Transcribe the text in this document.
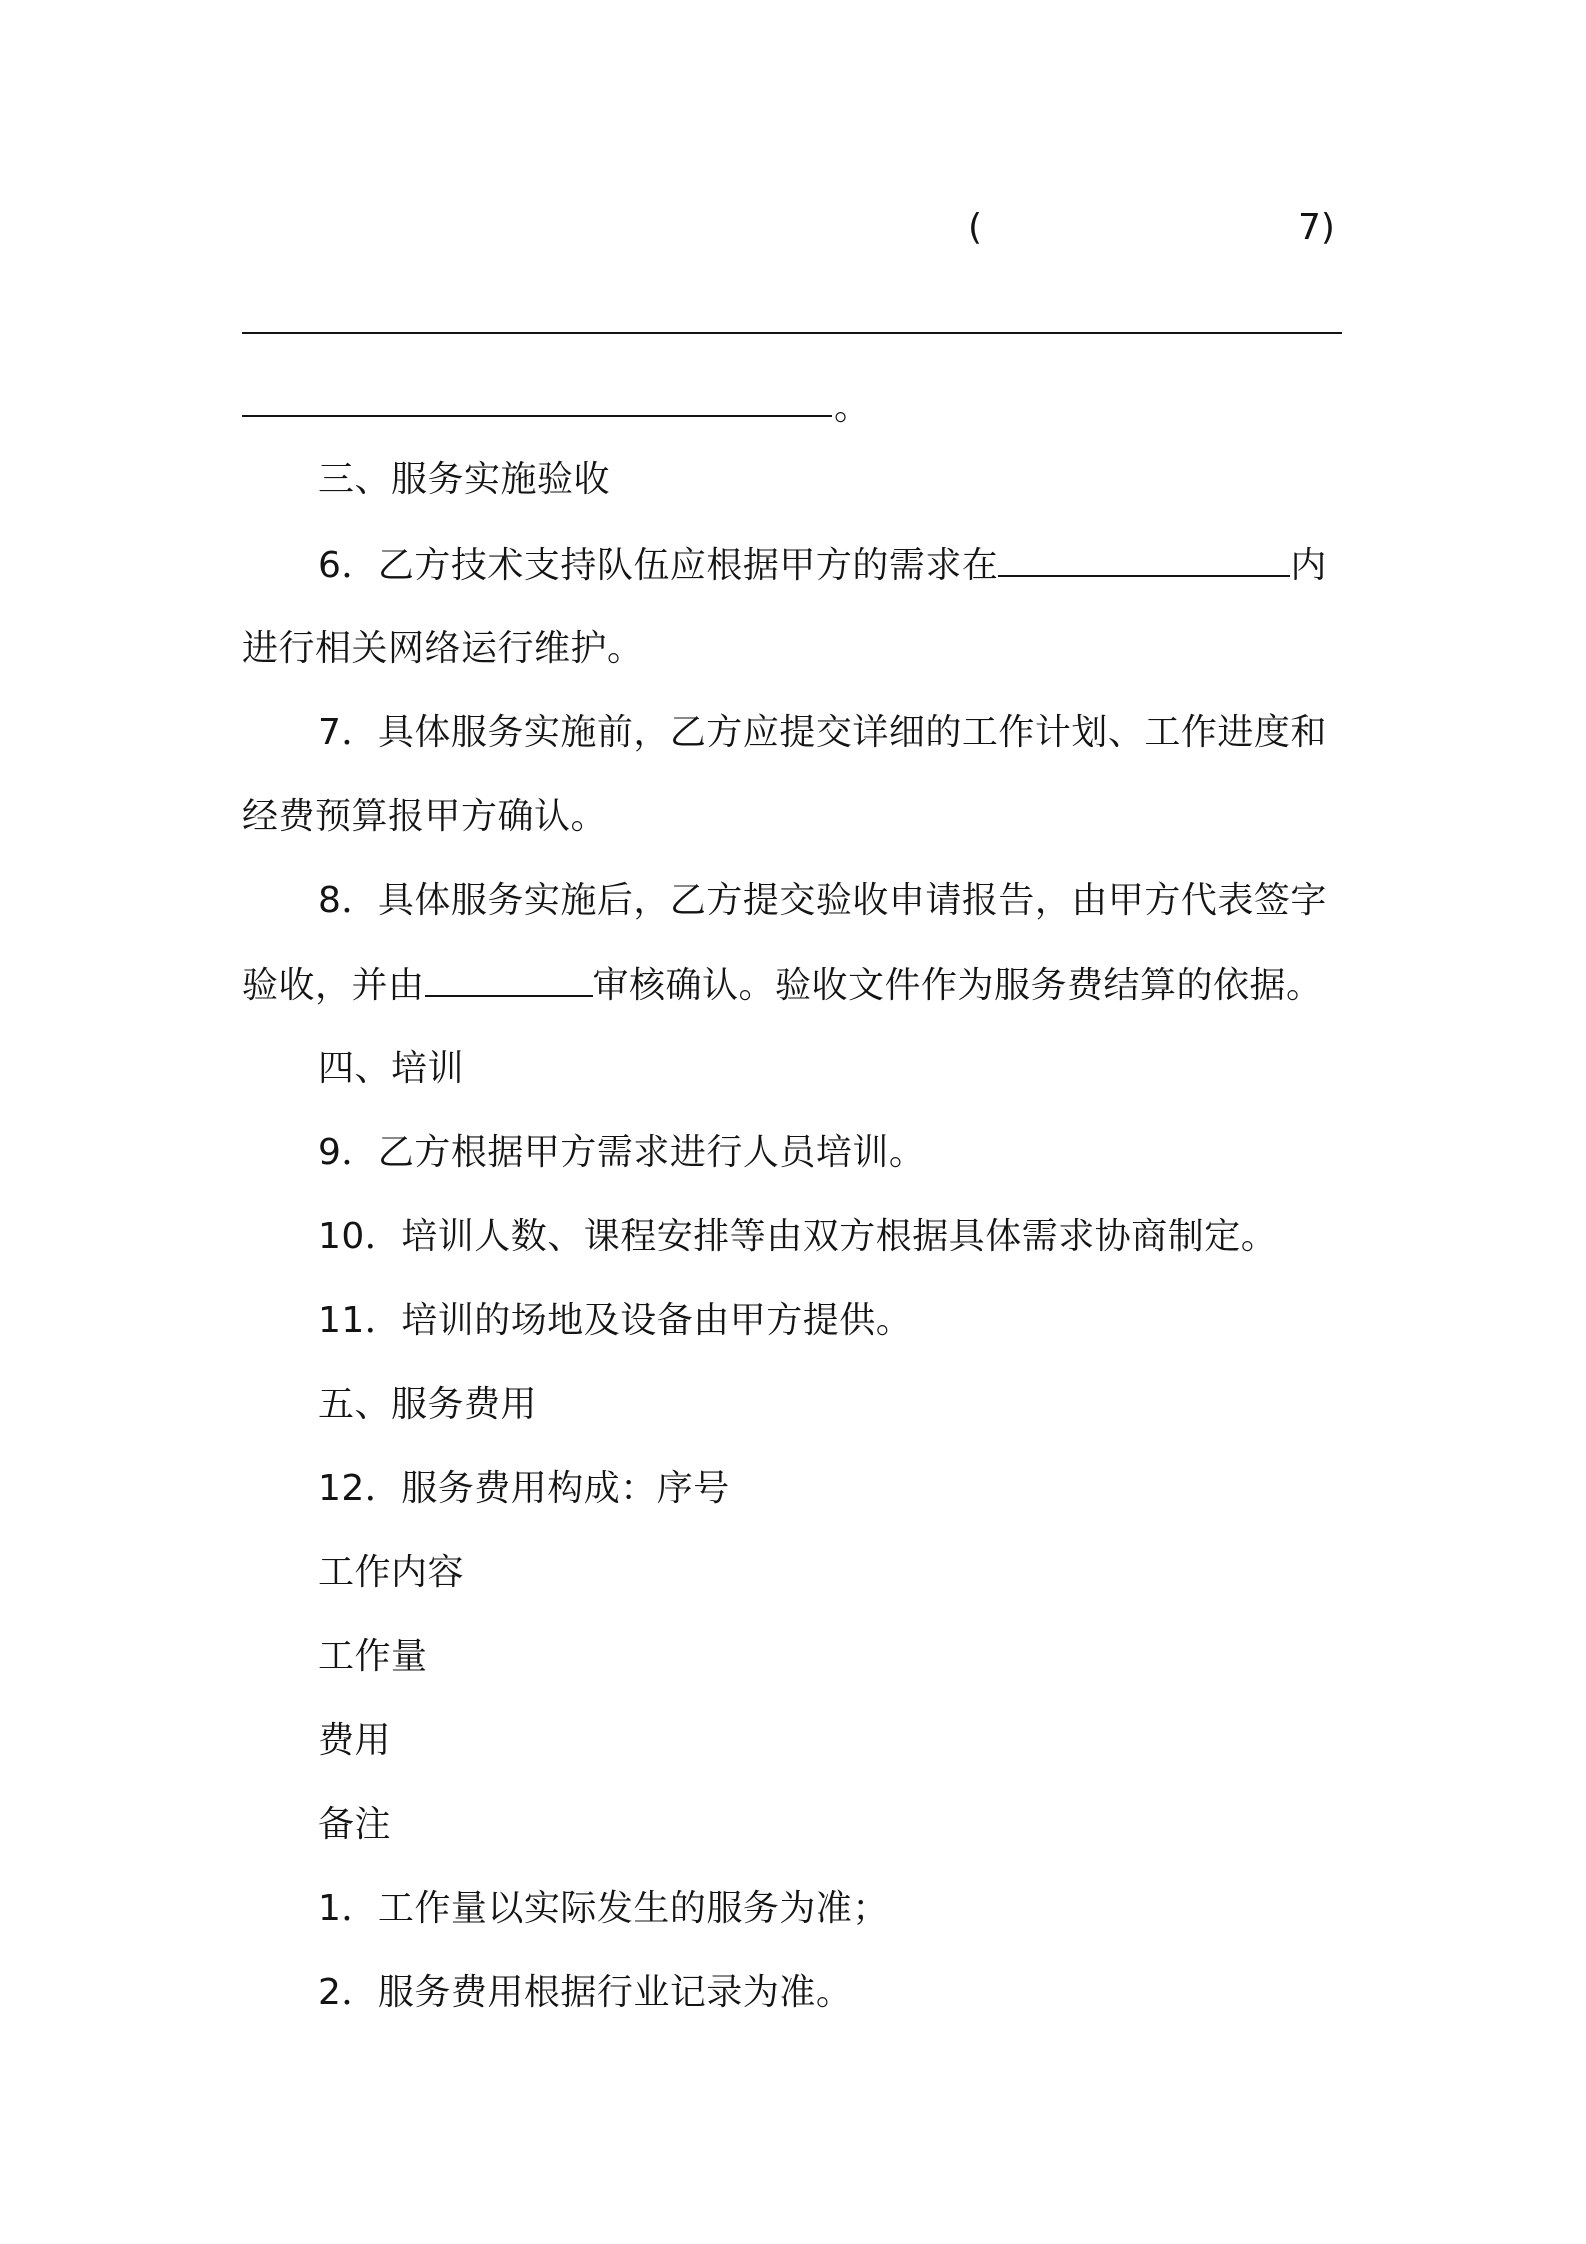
(	7)
。
三、服务实施验收
6．乙方技术支持队伍应根据甲方的需求在	内
进行相关网络运行维护。
7．具体服务实施前，乙方应提交详细的工作计划、工作进度和
经费预算报甲方确认。
8．具体服务实施后，乙方提交验收申请报告，由甲方代表签字
验收，并由	审核确认。验收文件作为服务费结算的依据。
四、培训
9．乙方根据甲方需求进行人员培训。
10．培训人数、课程安排等由双方根据具体需求协商制定。
11．培训的场地及设备由甲方提供。
五、服务费用
12．服务费用构成：序号
工作内容
工作量
费用
备注
1．工作量以实际发生的服务为准；
2．服务费用根据行业记录为准。
